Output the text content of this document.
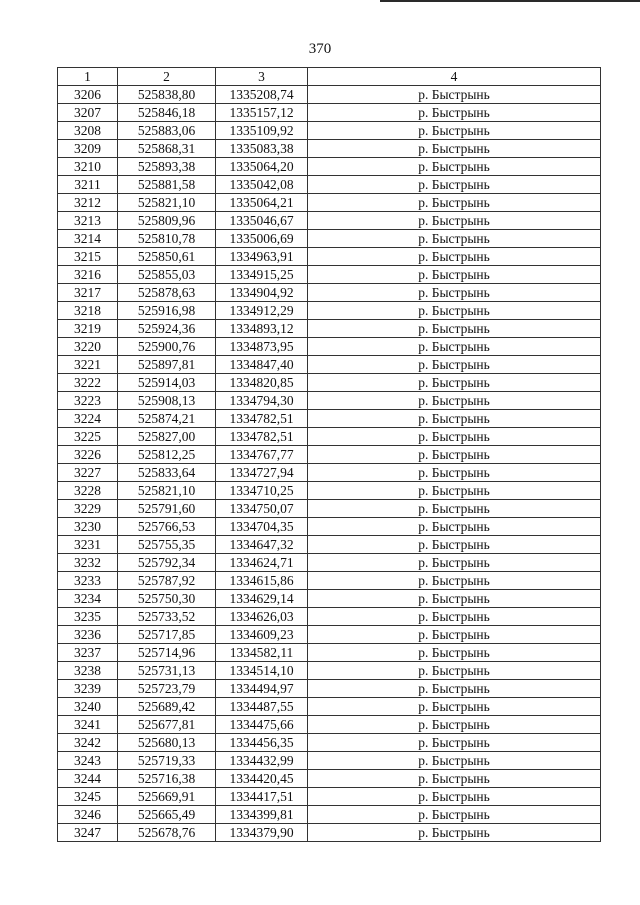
370
1	2	3	4
3206	525838,80	1335208,74	р. Быстрынь
3207	525846,18	1335157,12	р. Быстрынь
3208	525883,06	1335109,92	р. Быстрынь
3209	525868,31	1335083,38	р. Быстрынь
3210	525893,38	1335064,20	р. Быстрынь
3211	525881,58	1335042,08	р. Быстрынь
3212	525821,10	1335064,21	р. Быстрынь
3213	525809,96	1335046,67	р. Быстрынь
3214	525810,78	1335006,69	р. Быстрынь
3215	525850,61	1334963,91	р. Быстрынь
3216	525855,03	1334915,25	р. Быстрынь
3217	525878,63	1334904,92	р. Быстрынь
3218	525916,98	1334912,29	р. Быстрынь
3219	525924,36	1334893,12	р. Быстрынь
3220	525900,76	1334873,95	р. Быстрынь
3221	525897,81	1334847,40	р. Быстрынь
3222	525914,03	1334820,85	р. Быстрынь
3223	525908,13	1334794,30	р. Быстрынь
3224	525874,21	1334782,51	р. Быстрынь
3225	525827,00	1334782,51	р. Быстрынь
3226	525812,25	1334767,77	р. Быстрынь
3227	525833,64	1334727,94	р. Быстрынь
3228	525821,10	1334710,25	р. Быстрынь
3229	525791,60	1334750,07	р. Быстрынь
3230	525766,53	1334704,35	р. Быстрынь
3231	525755,35	1334647,32	р. Быстрынь
3232	525792,34	1334624,71	р. Быстрынь
3233	525787,92	1334615,86	р. Быстрынь
3234	525750,30	1334629,14	р. Быстрынь
3235	525733,52	1334626,03	р. Быстрынь
3236	525717,85	1334609,23	р. Быстрынь
3237	525714,96	1334582,11	р. Быстрынь
3238	525731,13	1334514,10	р. Быстрынь
3239	525723,79	1334494,97	р. Быстрынь
3240	525689,42	1334487,55	р. Быстрынь
3241	525677,81	1334475,66	р. Быстрынь
3242	525680,13	1334456,35	р. Быстрынь
3243	525719,33	1334432,99	р. Быстрынь
3244	525716,38	1334420,45	р. Быстрынь
3245	525669,91	1334417,51	р. Быстрынь
3246	525665,49	1334399,81	р. Быстрынь
3247	525678,76	1334379,90	р. Быстрынь
